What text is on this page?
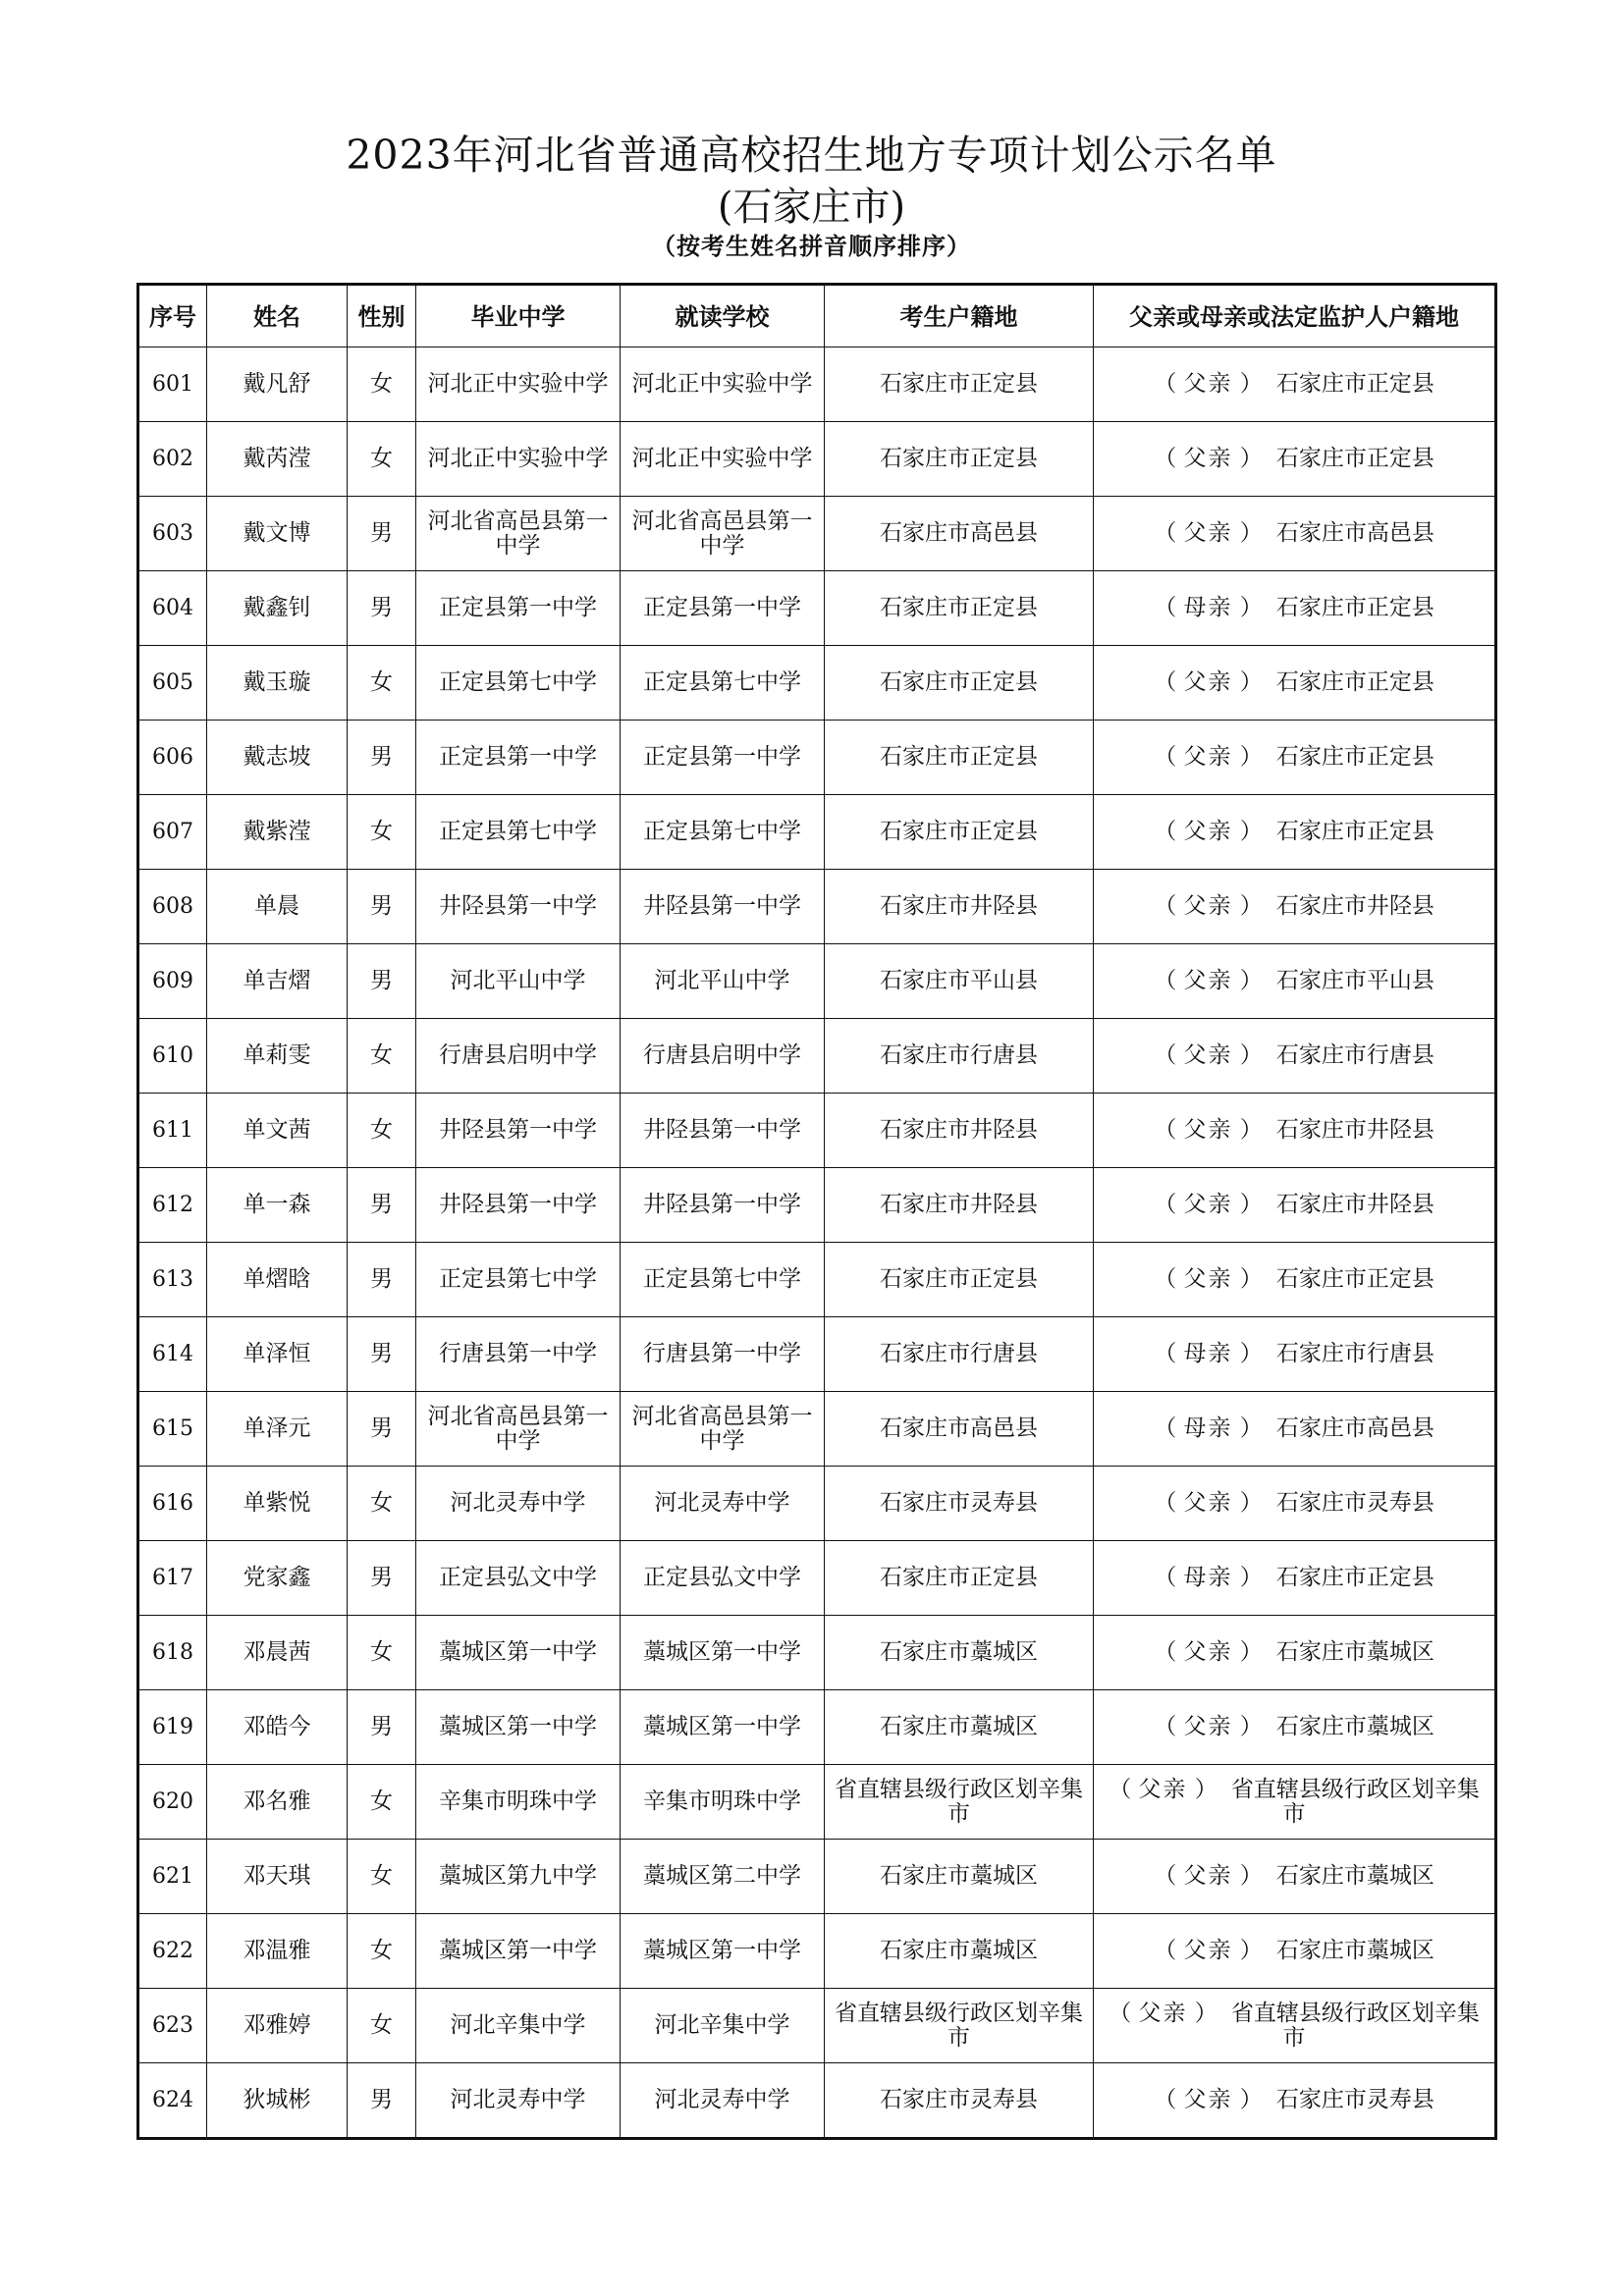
2023年河北省普通高校招生地方专项计划公示名单
(石家庄市)
（按考生姓名拼音顺序排序）
序号	姓名	性别	毕业中学	就读学校	考生户籍地	父亲或母亲或法定监护人户籍地
601	戴凡舒	女	河北正中实验中学	河北正中实验中学	石家庄市正定县	（ 父亲 ） 石家庄市正定县
602	戴芮滢	女	河北正中实验中学	河北正中实验中学	石家庄市正定县	（ 父亲 ） 石家庄市正定县
603	戴文博	男	河北省高邑县第一中学	河北省高邑县第一中学	石家庄市高邑县	（ 父亲 ） 石家庄市高邑县
604	戴鑫钊	男	正定县第一中学	正定县第一中学	石家庄市正定县	（ 母亲 ） 石家庄市正定县
605	戴玉璇	女	正定县第七中学	正定县第七中学	石家庄市正定县	（ 父亲 ） 石家庄市正定县
606	戴志坡	男	正定县第一中学	正定县第一中学	石家庄市正定县	（ 父亲 ） 石家庄市正定县
607	戴紫滢	女	正定县第七中学	正定县第七中学	石家庄市正定县	（ 父亲 ） 石家庄市正定县
608	单晨	男	井陉县第一中学	井陉县第一中学	石家庄市井陉县	（ 父亲 ） 石家庄市井陉县
609	单吉熠	男	河北平山中学	河北平山中学	石家庄市平山县	（ 父亲 ） 石家庄市平山县
610	单莉雯	女	行唐县启明中学	行唐县启明中学	石家庄市行唐县	（ 父亲 ） 石家庄市行唐县
611	单文茜	女	井陉县第一中学	井陉县第一中学	石家庄市井陉县	（ 父亲 ） 石家庄市井陉县
612	单一森	男	井陉县第一中学	井陉县第一中学	石家庄市井陉县	（ 父亲 ） 石家庄市井陉县
613	单熠晗	男	正定县第七中学	正定县第七中学	石家庄市正定县	（ 父亲 ） 石家庄市正定县
614	单泽恒	男	行唐县第一中学	行唐县第一中学	石家庄市行唐县	（ 母亲 ） 石家庄市行唐县
615	单泽元	男	河北省高邑县第一中学	河北省高邑县第一中学	石家庄市高邑县	（ 母亲 ） 石家庄市高邑县
616	单紫悦	女	河北灵寿中学	河北灵寿中学	石家庄市灵寿县	（ 父亲 ） 石家庄市灵寿县
617	党家鑫	男	正定县弘文中学	正定县弘文中学	石家庄市正定县	（ 母亲 ） 石家庄市正定县
618	邓晨茜	女	藁城区第一中学	藁城区第一中学	石家庄市藁城区	（ 父亲 ） 石家庄市藁城区
619	邓皓今	男	藁城区第一中学	藁城区第一中学	石家庄市藁城区	（ 父亲 ） 石家庄市藁城区
620	邓名雅	女	辛集市明珠中学	辛集市明珠中学	省直辖县级行政区划辛集市	（ 父亲 ） 省直辖县级行政区划辛集市
621	邓天琪	女	藁城区第九中学	藁城区第二中学	石家庄市藁城区	（ 父亲 ） 石家庄市藁城区
622	邓温雅	女	藁城区第一中学	藁城区第一中学	石家庄市藁城区	（ 父亲 ） 石家庄市藁城区
623	邓雅婷	女	河北辛集中学	河北辛集中学	省直辖县级行政区划辛集市	（ 父亲 ） 省直辖县级行政区划辛集市
624	狄城彬	男	河北灵寿中学	河北灵寿中学	石家庄市灵寿县	（ 父亲 ） 石家庄市灵寿县
